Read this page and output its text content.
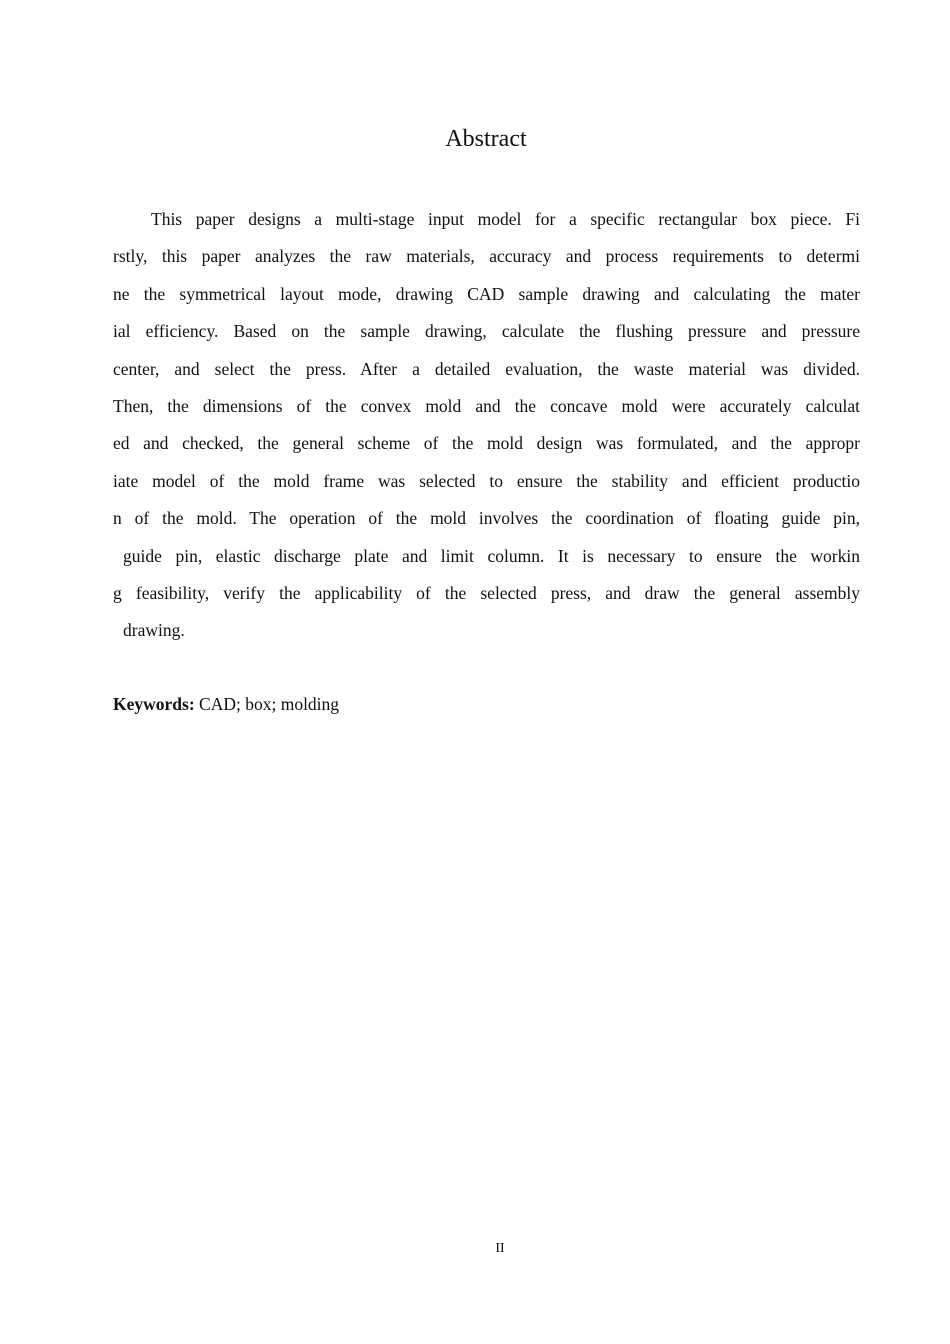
Abstract
This paper designs a multi-stage input model for a specific rectangular box piece. Fi
rstly, this paper analyzes the raw materials, accuracy and process requirements to determi
ne the symmetrical layout mode, drawing CAD sample drawing and calculating the mater
ial efficiency. Based on the sample drawing, calculate the flushing pressure and pressure
center, and select the press. After a detailed evaluation, the waste material was divided.
Then, the dimensions of the convex mold and the concave mold were accurately calculat
ed and checked, the general scheme of the mold design was formulated, and the appropr
iate model of the mold frame was selected to ensure the stability and efficient productio
n of the mold. The operation of the mold involves the coordination of floating guide pin,
guide pin, elastic discharge plate and limit column. It is necessary to ensure the workin
g feasibility, verify the applicability of the selected press, and draw the general assembly
drawing.
Keywords: CAD; box; molding
II
